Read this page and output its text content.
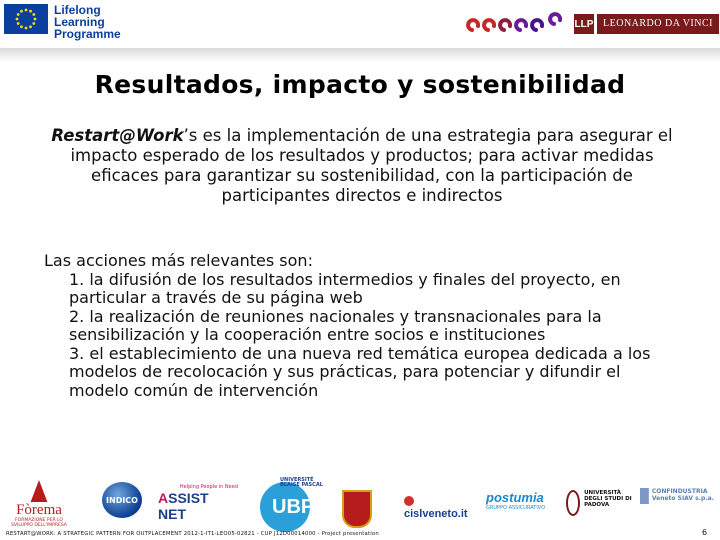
Lifelong
Learning
Programme
LLP LEONARDO DA VINCI
Resultados, impacto y sostenibilidad
Restart@Work’s es la implementación de una estrategia para asegurar el impacto esperado de los resultados y productos; para activar medidas eficaces para garantizar su sostenibilidad, con la participación de participantes directos e indirectos
Las acciones más relevantes son:
1. la difusión de los resultados intermedios y finales del proyecto, en particular a través de su página web
2. la realización de reuniones nacionales y transnacionales para la sensibilización y la cooperación entre socios e instituciones
3. el establecimiento de una nueva red temática europea dedicada a los modelos de recolocación y sus prácticas, para potenciar y difundir el modelo común de intervención
Fòrema
FORMAZIONE PER LO SVILUPPO DELL'IMPRESA
INDICO
Helping People in Need
ASSIST NET
UNIVERSITÉ BLAISE PASCAL
UBP	cislveneto.it
postumia
GRUPPO ASSICURATIVO
UNIVERSITÀ DEGLI STUDI DI PADOVA
CONFINDUSTRIA Veneto SIAV s.p.a.
RESTART@WORK: A STRATEGIC PATTERN FOR OUTPLACEMENT 2012-1-IT1-LEO05-02821 - CUP J12D00014000 - Project presentation	6
